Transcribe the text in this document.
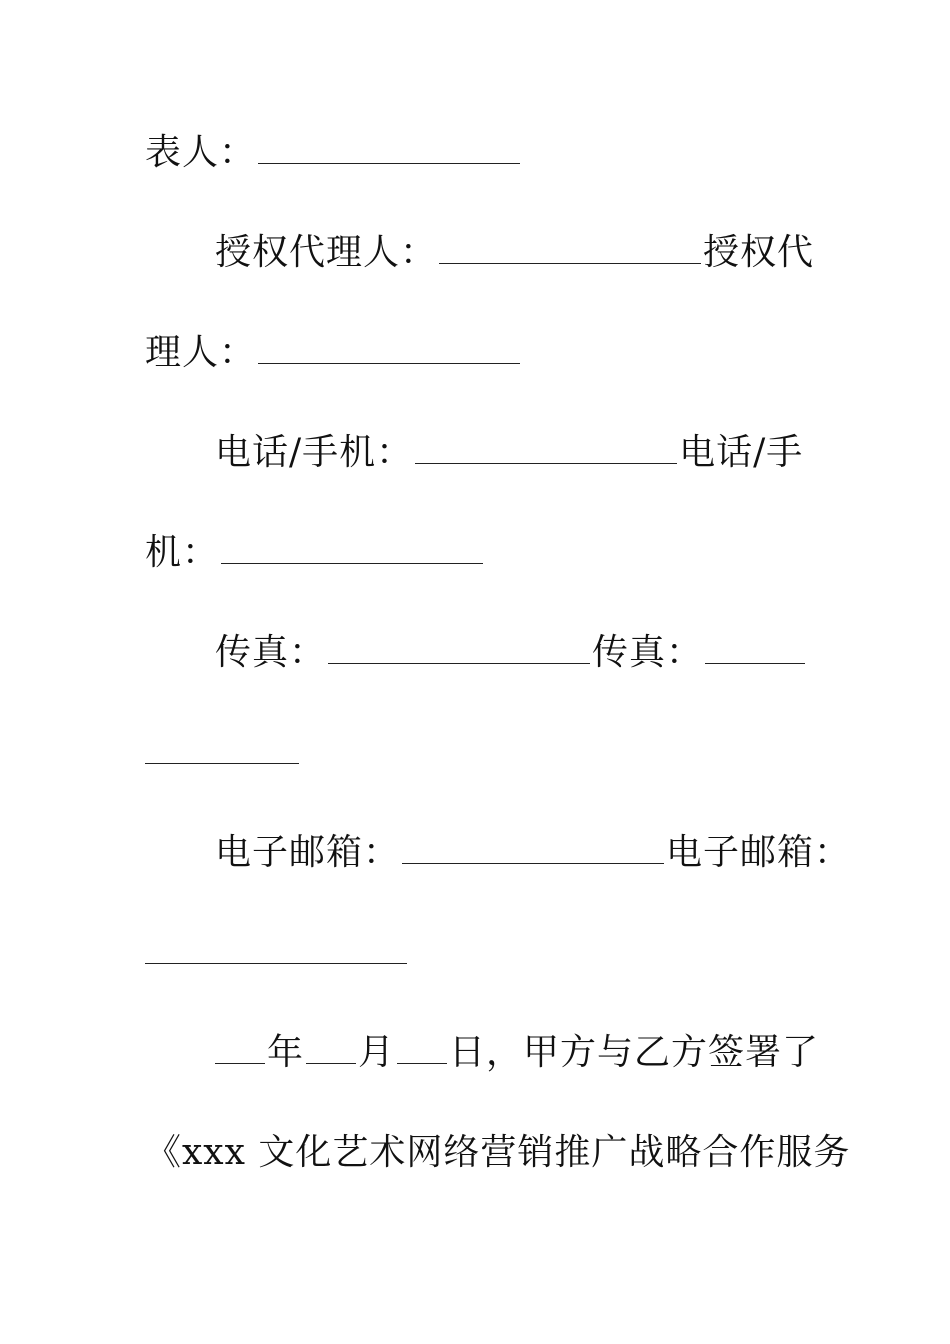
表人：
授权代理人：	授权代
理人：
电话/手机：	电话/手
机：
传真：	传真：
电子邮箱：	电子邮箱：
年 月 日，甲方与乙方签署了
《xxx 文化艺术网络营销推广战略合作服务
